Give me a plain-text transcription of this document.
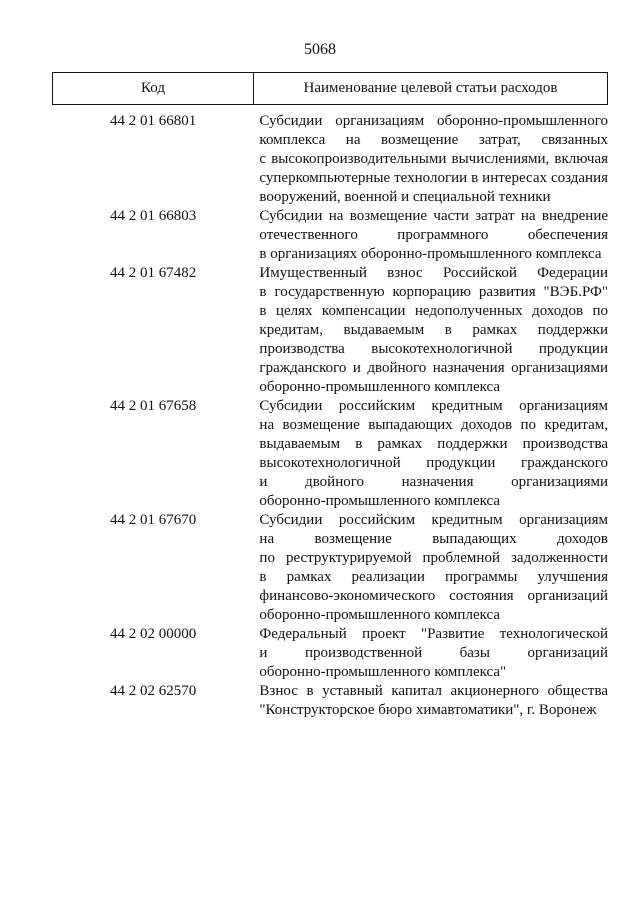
5068
Код	Наименование целевой статьи расходов
44 2 01 66801	Субсидии организациям оборонно-промышленного
комплекса на возмещение затрат, связанных
с высокопроизводительными вычислениями, включая
суперкомпьютерные технологии в интересах создания
вооружений, военной и специальной техники
44 2 01 66803	Субсидии на возмещение части затрат на внедрение
отечественного программного обеспечения
в организациях оборонно-промышленного комплекса
44 2 01 67482	Имущественный взнос Российской Федерации
в государственную корпорацию развития "ВЭБ.РФ"
в целях компенсации недополученных доходов по
кредитам, выдаваемым в рамках поддержки
производства высокотехнологичной продукции
гражданского и двойного назначения организациями
оборонно-промышленного комплекса
44 2 01 67658	Субсидии российским кредитным организациям
на возмещение выпадающих доходов по кредитам,
выдаваемым в рамках поддержки производства
высокотехнологичной продукции гражданского
и двойного назначения организациями
оборонно-промышленного комплекса
44 2 01 67670	Субсидии российским кредитным организациям
на возмещение выпадающих доходов
по реструктурируемой проблемной задолженности
в рамках реализации программы улучшения
финансово-экономического состояния организаций
оборонно-промышленного комплекса
44 2 02 00000	Федеральный проект "Развитие технологической
и производственной базы организаций
оборонно-промышленного комплекса"
44 2 02 62570	Взнос в уставный капитал акционерного общества
"Конструкторское бюро химавтоматики", г. Воронеж
